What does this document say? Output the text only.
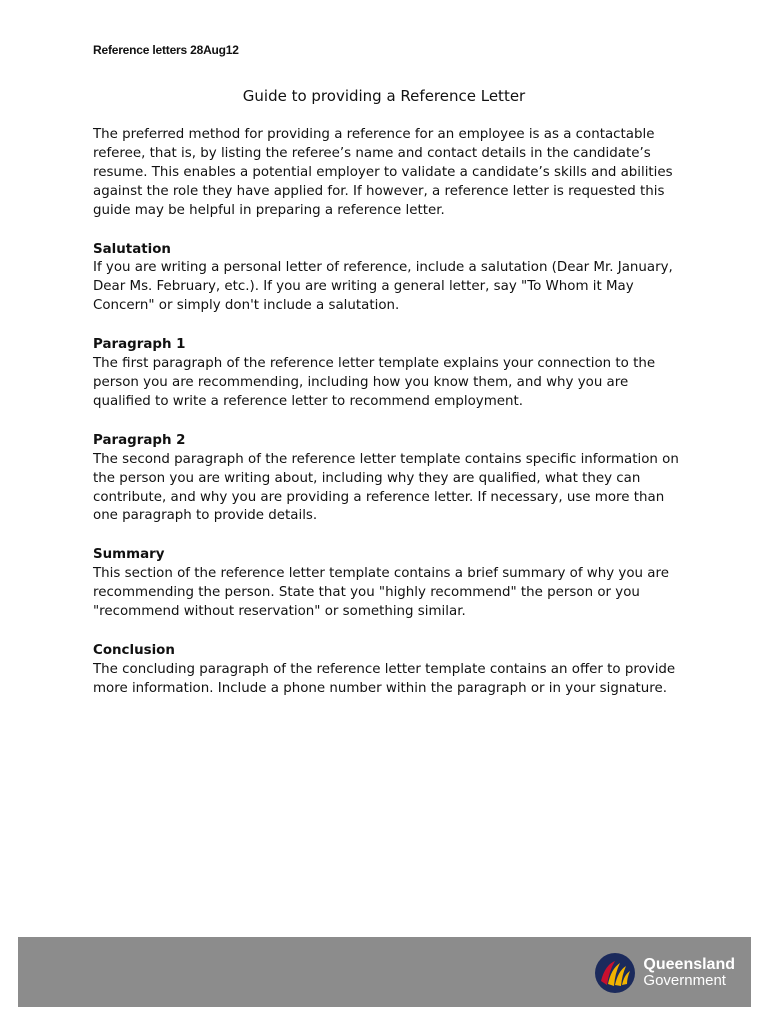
Reference letters 28Aug12
Guide to providing a Reference Letter

The preferred method for providing a reference for an employee is as a contactable referee, that is, by listing the referee’s name and contact details in the candidate’s resume. This enables a potential employer to validate a candidate’s skills and abilities against the role they have applied for. If however, a reference letter is requested this guide may be helpful in preparing a reference letter.

Salutation

If you are writing a personal letter of reference, include a salutation (Dear Mr. January, Dear Ms. February, etc.). If you are writing a general letter, say "To Whom it May Concern" or simply don't include a salutation.

Paragraph 1

The first paragraph of the reference letter template explains your connection to the person you are recommending, including how you know them, and why you are qualified to write a reference letter to recommend employment.

Paragraph 2

The second paragraph of the reference letter template contains specific information on the person you are writing about, including why they are qualified, what they can contribute, and why you are providing a reference letter. If necessary, use more than one paragraph to provide details.

Summary

This section of the reference letter template contains a brief summary of why you are recommending the person. State that you "highly recommend" the person or you "recommend without reservation" or something similar.

Conclusion

The concluding paragraph of the reference letter template contains an offer to provide more information. Include a phone number within the paragraph or in your signature.

Queensland
Government
